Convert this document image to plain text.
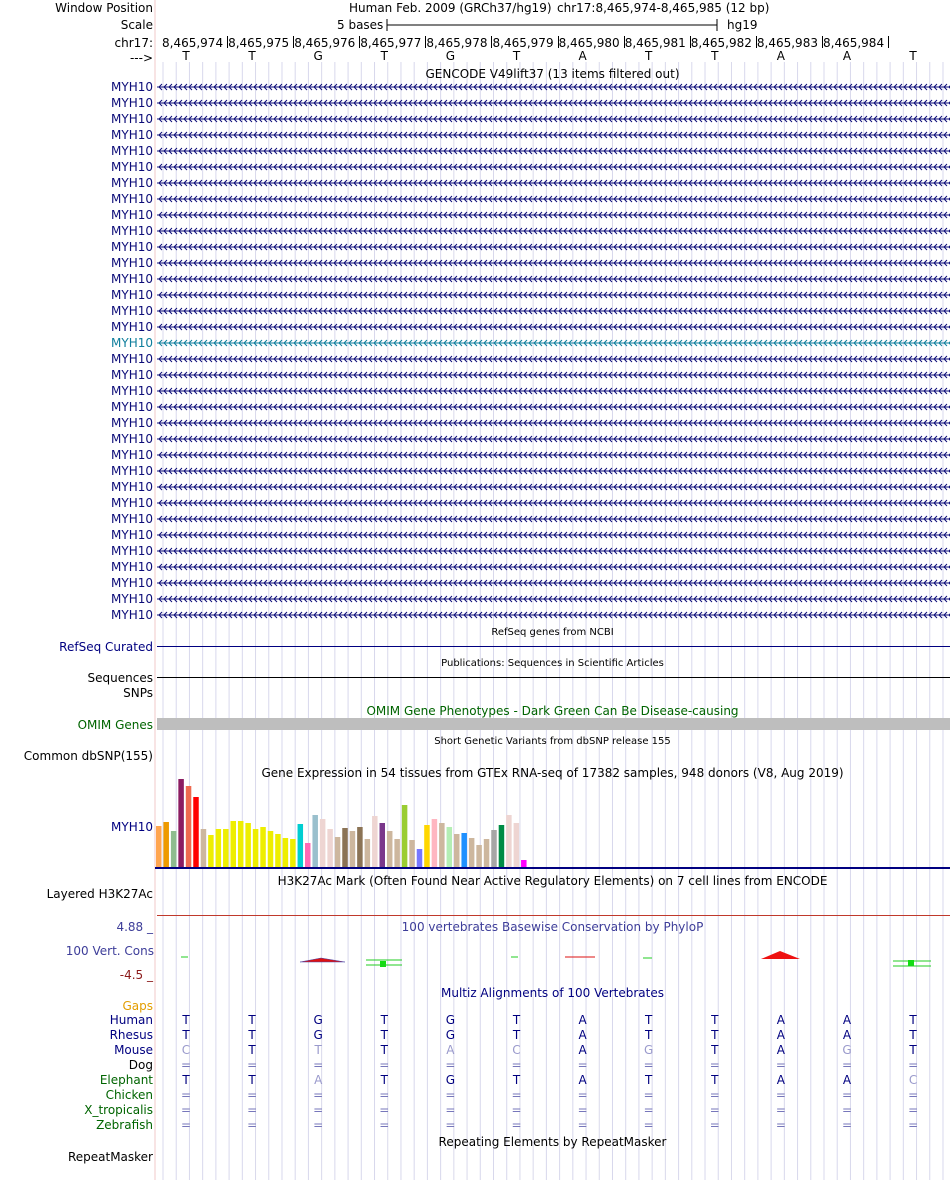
Window Position
Scale
chr17:
--->
Human Feb. 2009 (GRCh37/hg19) chr17:8,465,974-8,465,985 (12 bp)
5 bases	hg19
8,465,974 8,465,975 8,465,976 8,465,977 8,465,978 8,465,979 8,465,980 8,465,981 8,465,982 8,465,983 8,465,984
T	T	G	T	G	T	A	T	T	A	A	T
GENCODE V49lift37 (13 items filtered out)
MYH10
MYH10
MYH10
MYH10
MYH10
MYH10
MYH10
MYH10
MYH10
MYH10
MYH10
MYH10
MYH10
MYH10
MYH10
MYH10
MYH10
MYH10
MYH10
MYH10
MYH10
MYH10
MYH10
MYH10
MYH10
MYH10
MYH10
MYH10
MYH10
MYH10
MYH10
MYH10
MYH10
MYH10
RefSeq genes from NCBI
RefSeq Curated
Publications: Sequences in Scientific Articles
Sequences
SNPs
OMIM Gene Phenotypes - Dark Green Can Be Disease-causing
OMIM Genes
Short Genetic Variants from dbSNP release 155
Common dbSNP(155)
Gene Expression in 54 tissues from GTEx RNA-seq of 17382 samples, 948 donors (V8, Aug 2019)
MYH10
H3K27Ac Mark (Often Found Near Active Regulatory Elements) on 7 cell lines from ENCODE
Layered H3K27Ac
100 vertebrates Basewise Conservation by PhyloP
4.88 _
100 Vert. Cons
-4.5 _
Multiz Alignments of 100 Vertebrates
Gaps
Human	T	T	G	T	G	T	A	T	T	A	A	T
Rhesus	T	T	G	T	G	T	A	T	T	A	A	T
Mouse	C	T	T	T	A	C	A	G	T	A	G	T
Dog	=	=	=	=	=	=	=	=	=	=	=	=
Elephant	T	T	A	T	G	T	A	T	T	A	A	C
Chicken	=	=	=	=	=	=	=	=	=	=	=	=
X_tropicalis	=	=	=	=	=	=	=	=	=	=	=	=
Zebrafish	=	=	=	=	=	=	=	=	=	=	=	=
Repeating Elements by RepeatMasker
RepeatMasker
